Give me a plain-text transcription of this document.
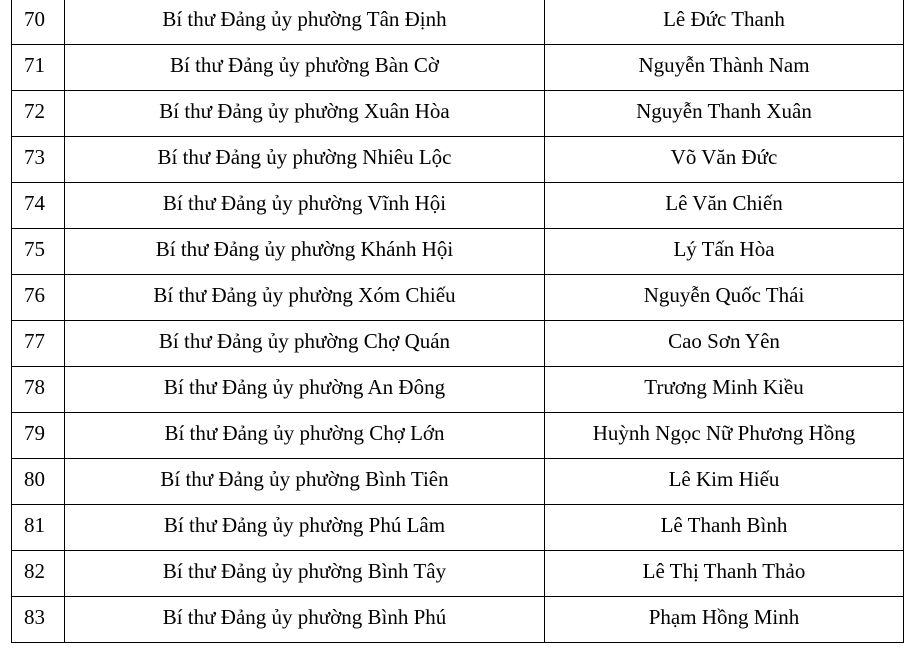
70	Bí thư Đảng ủy phường Tân Định	Lê Đức Thanh
71	Bí thư Đảng ủy phường Bàn Cờ	Nguyễn Thành Nam
72	Bí thư Đảng ủy phường Xuân Hòa	Nguyễn Thanh Xuân
73	Bí thư Đảng ủy phường Nhiêu Lộc	Võ Văn Đức
74	Bí thư Đảng ủy phường Vĩnh Hội	Lê Văn Chiến
75	Bí thư Đảng ủy phường Khánh Hội	Lý Tấn Hòa
76	Bí thư Đảng ủy phường Xóm Chiếu	Nguyễn Quốc Thái
77	Bí thư Đảng ủy phường Chợ Quán	Cao Sơn Yên
78	Bí thư Đảng ủy phường An Đông	Trương Minh Kiều
79	Bí thư Đảng ủy phường Chợ Lớn	Huỳnh Ngọc Nữ Phương Hồng
80	Bí thư Đảng ủy phường Bình Tiên	Lê Kim Hiếu
81	Bí thư Đảng ủy phường Phú Lâm	Lê Thanh Bình
82	Bí thư Đảng ủy phường Bình Tây	Lê Thị Thanh Thảo
83	Bí thư Đảng ủy phường Bình Phú	Phạm Hồng Minh
